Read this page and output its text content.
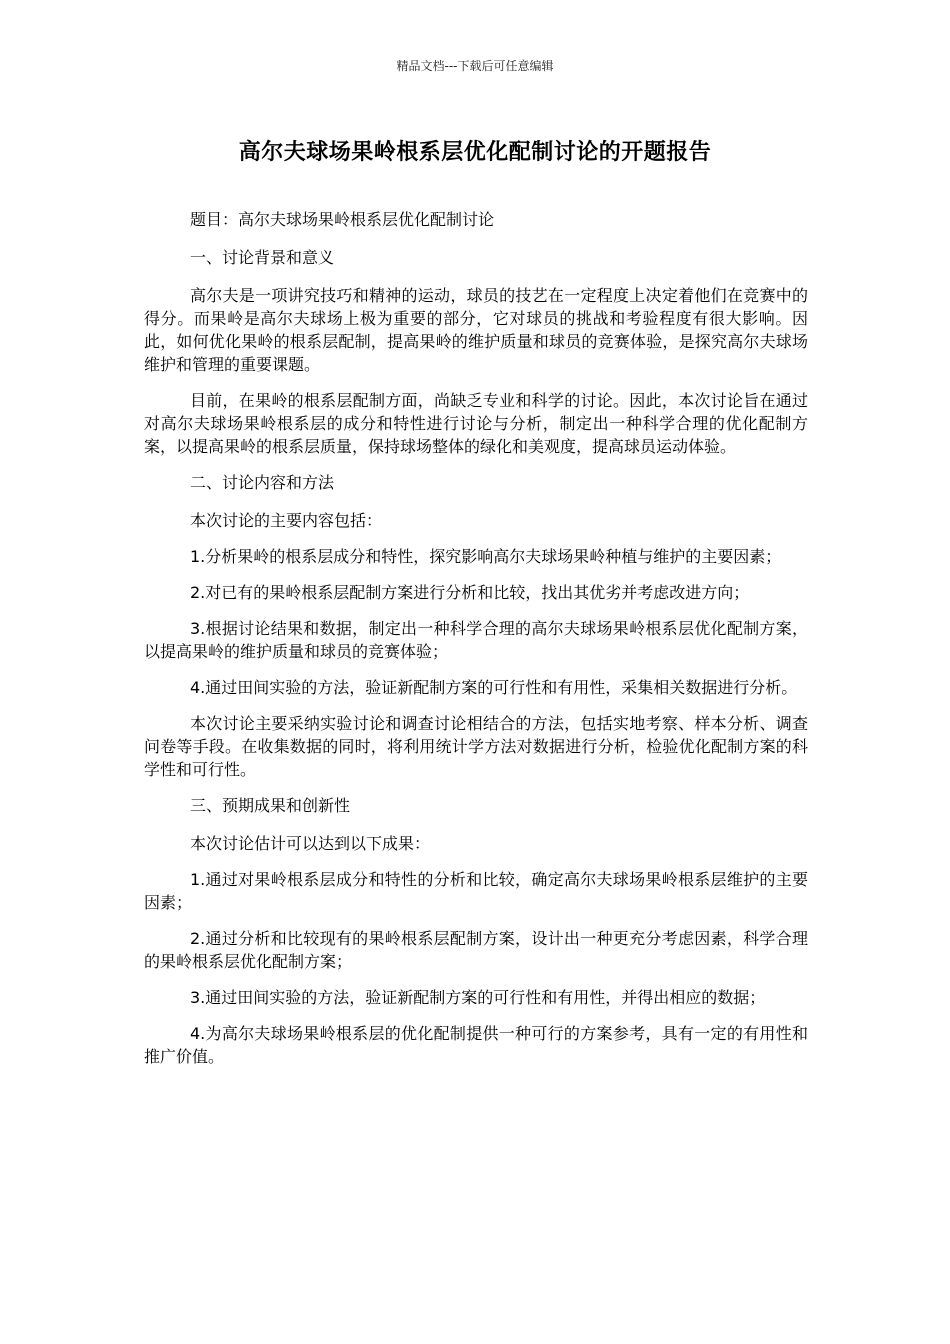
精品文档---下载后可任意编辑
高尔夫球场果岭根系层优化配制讨论的开题报告

题目：高尔夫球场果岭根系层优化配制讨论

一、讨论背景和意义

高尔夫是一项讲究技巧和精神的运动，球员的技艺在一定程度上决定着他们在竞赛中的得分。而果岭是高尔夫球场上极为重要的部分，它对球员的挑战和考验程度有很大影响。因此，如何优化果岭的根系层配制，提高果岭的维护质量和球员的竞赛体验，是探究高尔夫球场维护和管理的重要课题。

目前，在果岭的根系层配制方面，尚缺乏专业和科学的讨论。因此，本次讨论旨在通过对高尔夫球场果岭根系层的成分和特性进行讨论与分析，制定出一种科学合理的优化配制方案，以提高果岭的根系层质量，保持球场整体的绿化和美观度，提高球员运动体验。

二、讨论内容和方法

本次讨论的主要内容包括：

1.分析果岭的根系层成分和特性，探究影响高尔夫球场果岭种植与维护的主要因素；

2.对已有的果岭根系层配制方案进行分析和比较，找出其优劣并考虑改进方向；

3.根据讨论结果和数据，制定出一种科学合理的高尔夫球场果岭根系层优化配制方案，以提高果岭的维护质量和球员的竞赛体验；

4.通过田间实验的方法，验证新配制方案的可行性和有用性，采集相关数据进行分析。

本次讨论主要采纳实验讨论和调查讨论相结合的方法，包括实地考察、样本分析、调查问卷等手段。在收集数据的同时，将利用统计学方法对数据进行分析，检验优化配制方案的科学性和可行性。

三、预期成果和创新性

本次讨论估计可以达到以下成果：

1.通过对果岭根系层成分和特性的分析和比较，确定高尔夫球场果岭根系层维护的主要因素；

2.通过分析和比较现有的果岭根系层配制方案，设计出一种更充分考虑因素，科学合理的果岭根系层优化配制方案；

3.通过田间实验的方法，验证新配制方案的可行性和有用性，并得出相应的数据；

4.为高尔夫球场果岭根系层的优化配制提供一种可行的方案参考，具有一定的有用性和推广价值。
